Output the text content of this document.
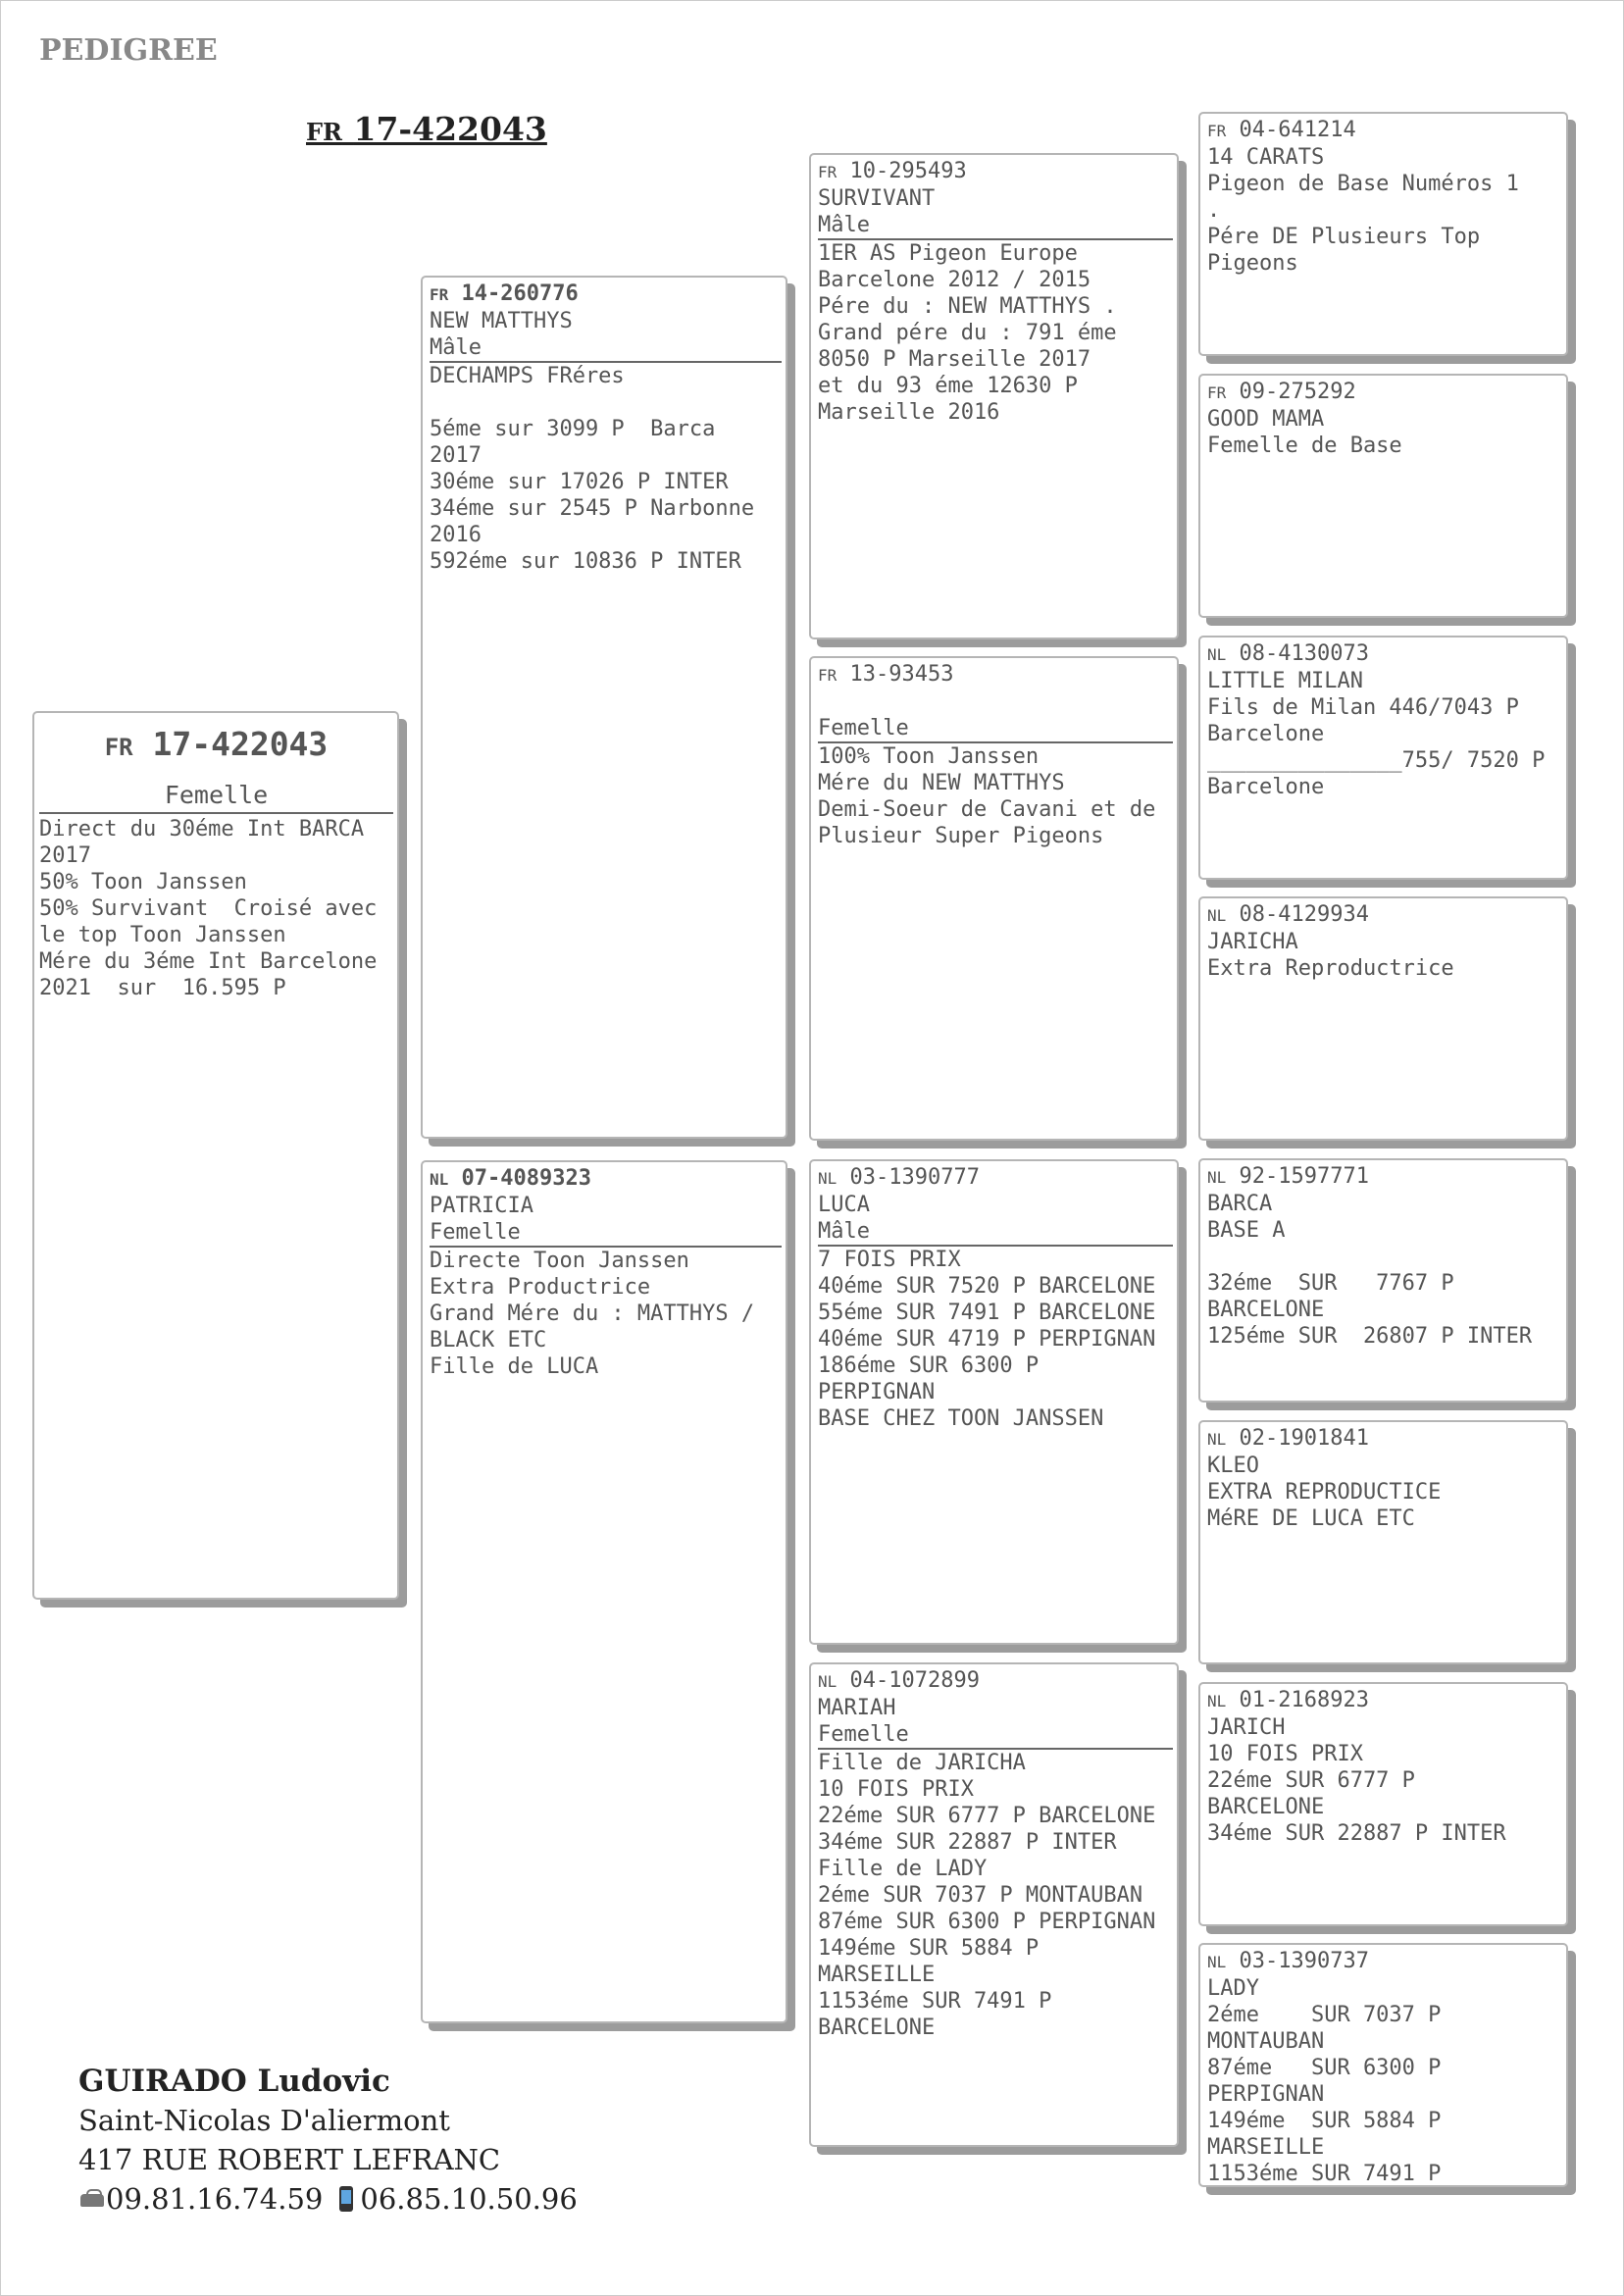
PEDIGREE
FR 17-422043
FR 17-422043
Femelle
Direct du 30éme Int BARCA
2017
50% Toon Janssen
50% Survivant  Croisé avec
le top Toon Janssen
Mére du 3éme Int Barcelone
2021  sur  16.595 P
FR 14-260776
NEW MATTHYS
Mâle
DECHAMPS FRéres

5éme sur 3099 P  Barca
2017
30éme sur 17026 P INTER
34éme sur 2545 P Narbonne
2016
592éme sur 10836 P INTER
NL 07-4089323
PATRICIA
Femelle
Directe Toon Janssen
Extra Productrice
Grand Mére du : MATTHYS /
BLACK ETC
Fille de LUCA
FR 10-295493
SURVIVANT
Mâle
1ER AS Pigeon Europe
Barcelone 2012 / 2015
Pére du : NEW MATTHYS .
Grand pére du : 791 éme
8050 P Marseille 2017
et du 93 éme 12630 P
Marseille 2016
FR 13-93453
Femelle
100% Toon Janssen
Mére du NEW MATTHYS
Demi-Soeur de Cavani et de
Plusieur Super Pigeons
NL 03-1390777
LUCA
Mâle
7 FOIS PRIX
40éme SUR 7520 P BARCELONE
55éme SUR 7491 P BARCELONE
40éme SUR 4719 P PERPIGNAN
186éme SUR 6300 P
PERPIGNAN
BASE CHEZ TOON JANSSEN
NL 04-1072899
MARIAH
Femelle
Fille de JARICHA
10 FOIS PRIX
22éme SUR 6777 P BARCELONE
34éme SUR 22887 P INTER
Fille de LADY
2éme SUR 7037 P MONTAUBAN
87éme SUR 6300 P PERPIGNAN
149éme SUR 5884 P
MARSEILLE
1153éme SUR 7491 P
BARCELONE
FR 04-641214
14 CARATS
Pigeon de Base Numéros 1
.
Pére DE Plusieurs Top
Pigeons
FR 09-275292
GOOD MAMA
Femelle de Base
NL 08-4130073
LITTLE MILAN
Fils de Milan 446/7043 P
Barcelone
_______________755/ 7520 P
Barcelone
NL 08-4129934
JARICHA
Extra Reproductrice
NL 92-1597771
BARCA
BASE A

32éme  SUR   7767 P
BARCELONE
125éme SUR  26807 P INTER
NL 02-1901841
KLEO
EXTRA REPRODUCTICE
MéRE DE LUCA ETC
NL 01-2168923
JARICH
10 FOIS PRIX
22éme SUR 6777 P
BARCELONE
34éme SUR 22887 P INTER
NL 03-1390737
LADY
2éme    SUR 7037 P
MONTAUBAN
87éme   SUR 6300 P
PERPIGNAN
149éme  SUR 5884 P
MARSEILLE
1153éme SUR 7491 P
GUIRADO Ludovic
Saint-Nicolas D'aliermont
417 RUE ROBERT LEFRANC
09.81.16.74.59 06.85.10.50.96
